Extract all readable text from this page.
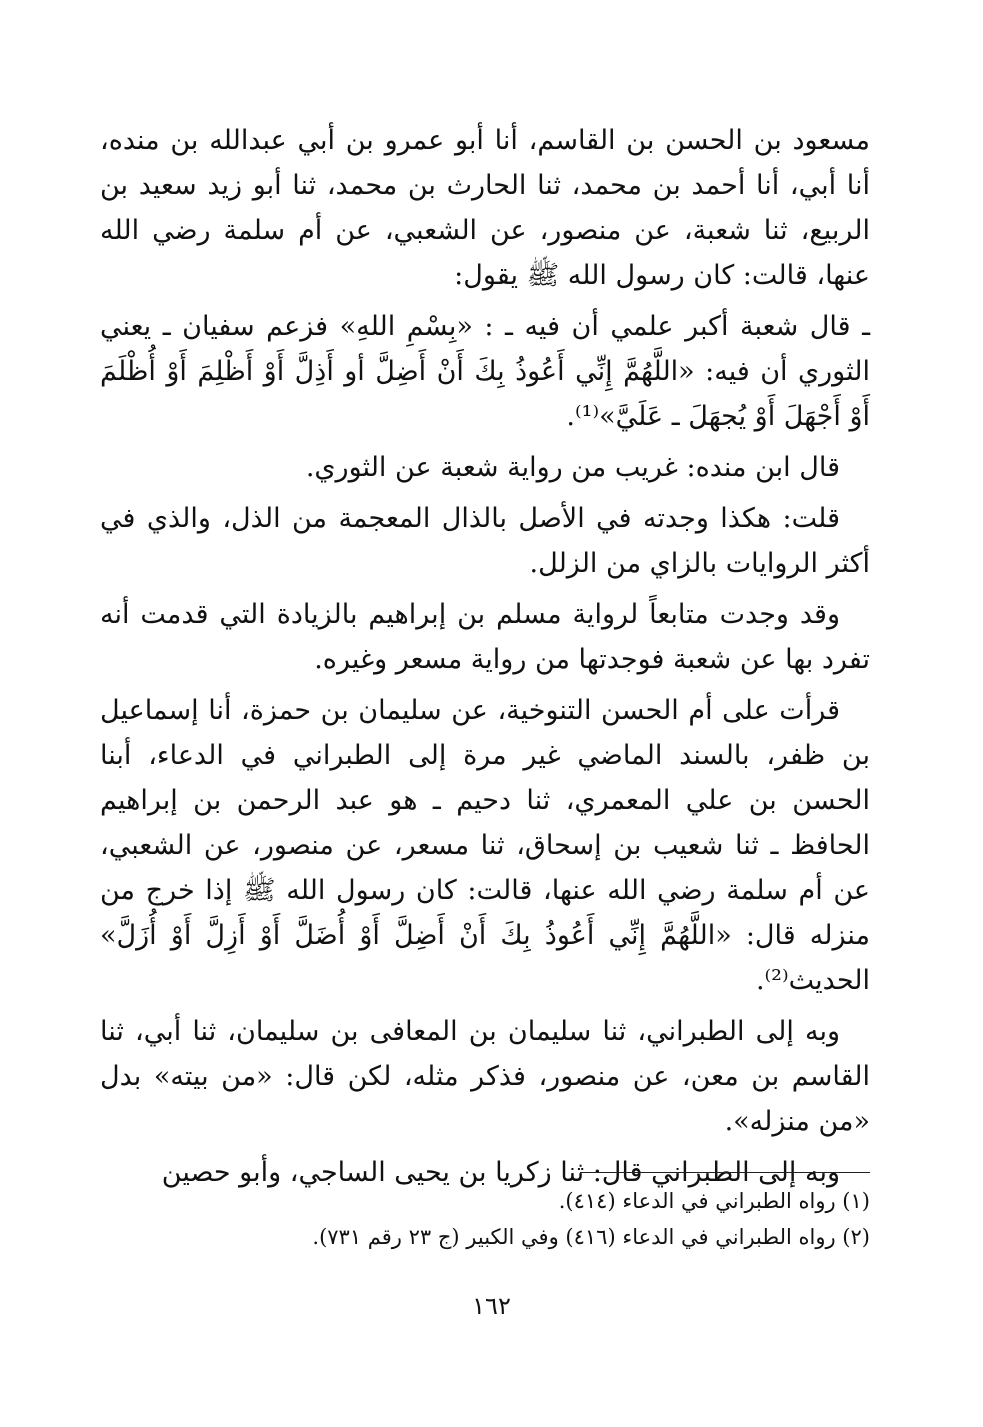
مسعود بن الحسن بن القاسم، أنا أبو عمرو بن أبي عبدالله بن منده، أنا أبي، أنا أحمد بن محمد، ثنا الحارث بن محمد، ثنا أبو زيد سعيد بن الربيع، ثنا شعبة، عن منصور، عن الشعبي، عن أم سلمة رضي الله عنها، قالت: كان رسول الله ﷺ يقول:

ـ قال شعبة أكبر علمي أن فيه ـ : «بِسْمِ اللهِ» فزعم سفيان ـ يعني الثوري أن فيه: «اللَّهُمَّ إِنِّي أَعُوذُ بِكَ أَنْ أَضِلَّ أو أَذِلَّ أَوْ أَظْلِمَ أَوْ أُظْلَمَ أَوْ أَجْهَلَ أَوْ يُجهَلَ ـ عَلَيَّ»⁽¹⁾.

قال ابن منده: غريب من رواية شعبة عن الثوري.

قلت: هكذا وجدته في الأصل بالذال المعجمة من الذل، والذي في أكثر الروايات بالزاي من الزلل.

وقد وجدت متابعاً لرواية مسلم بن إبراهيم بالزيادة التي قدمت أنه تفرد بها عن شعبة فوجدتها من رواية مسعر وغيره.

قرأت على أم الحسن التنوخية، عن سليمان بن حمزة، أنا إسماعيل بن ظفر، بالسند الماضي غير مرة إلى الطبراني في الدعاء، أبنا الحسن بن علي المعمري، ثنا دحيم ـ هو عبد الرحمن بن إبراهيم الحافظ ـ ثنا شعيب بن إسحاق، ثنا مسعر، عن منصور، عن الشعبي، عن أم سلمة رضي الله عنها، قالت: كان رسول الله ﷺ إذا خرج من منزله قال: «اللَّهُمَّ إِنِّي أَعُوذُ بِكَ أَنْ أَضِلَّ أَوْ أُضَلَّ أَوْ أَزِلَّ أَوْ أُزَلَّ» الحديث⁽²⁾.

وبه إلى الطبراني، ثنا سليمان بن المعافى بن سليمان، ثنا أبي، ثنا القاسم بن معن، عن منصور، فذكر مثله، لكن قال: «من بيته» بدل «من منزله».

وبه إلى الطبراني قال: ثنا زكريا بن يحيى الساجي، وأبو حصين

(١) رواه الطبراني في الدعاء (٤١٤).

(٢) رواه الطبراني في الدعاء (٤١٦) وفي الكبير (ج ٢٣ رقم ٧٣١).

١٦٢
